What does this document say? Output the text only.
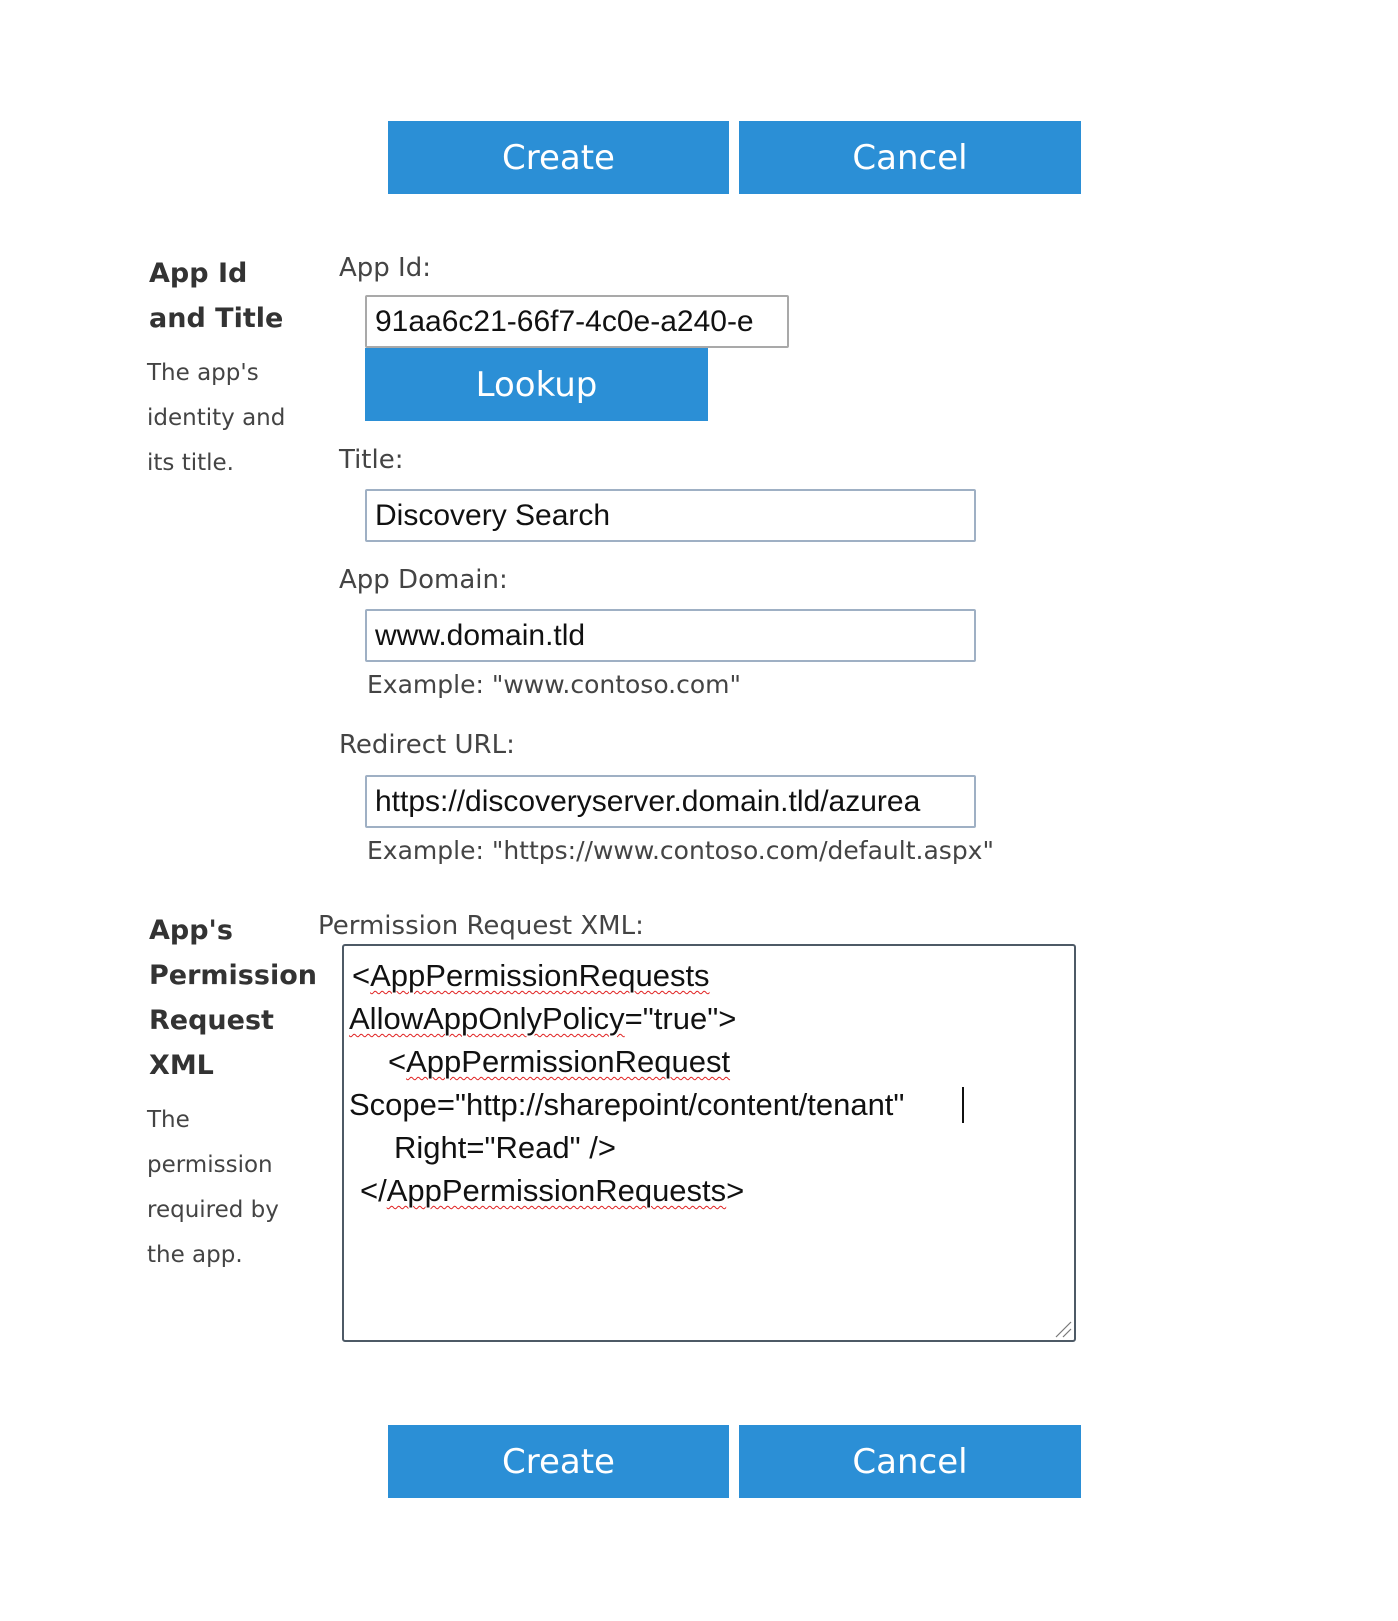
Create	Cancel

App Id

and Title

The app's

identity and

its title.

App Id:

91aa6c21-66f7-4c0e-a240-e
Lookup

Title:

Discovery Search

App Domain:

www.domain.tld

Example: "www.contoso.com"

Redirect URL:

https://discoveryserver.domain.tld/azurea

Example: "https://www.contoso.com/default.aspx"

App's

Permission

Request

XML

The

permission

required by

the app.

Permission Request XML:

<AppPermissionRequests

AllowAppOnlyPolicy="true">

<AppPermissionRequest

Scope="http://sharepoint/content/tenant"

Right="Read" />

</AppPermissionRequests>

Create	Cancel
